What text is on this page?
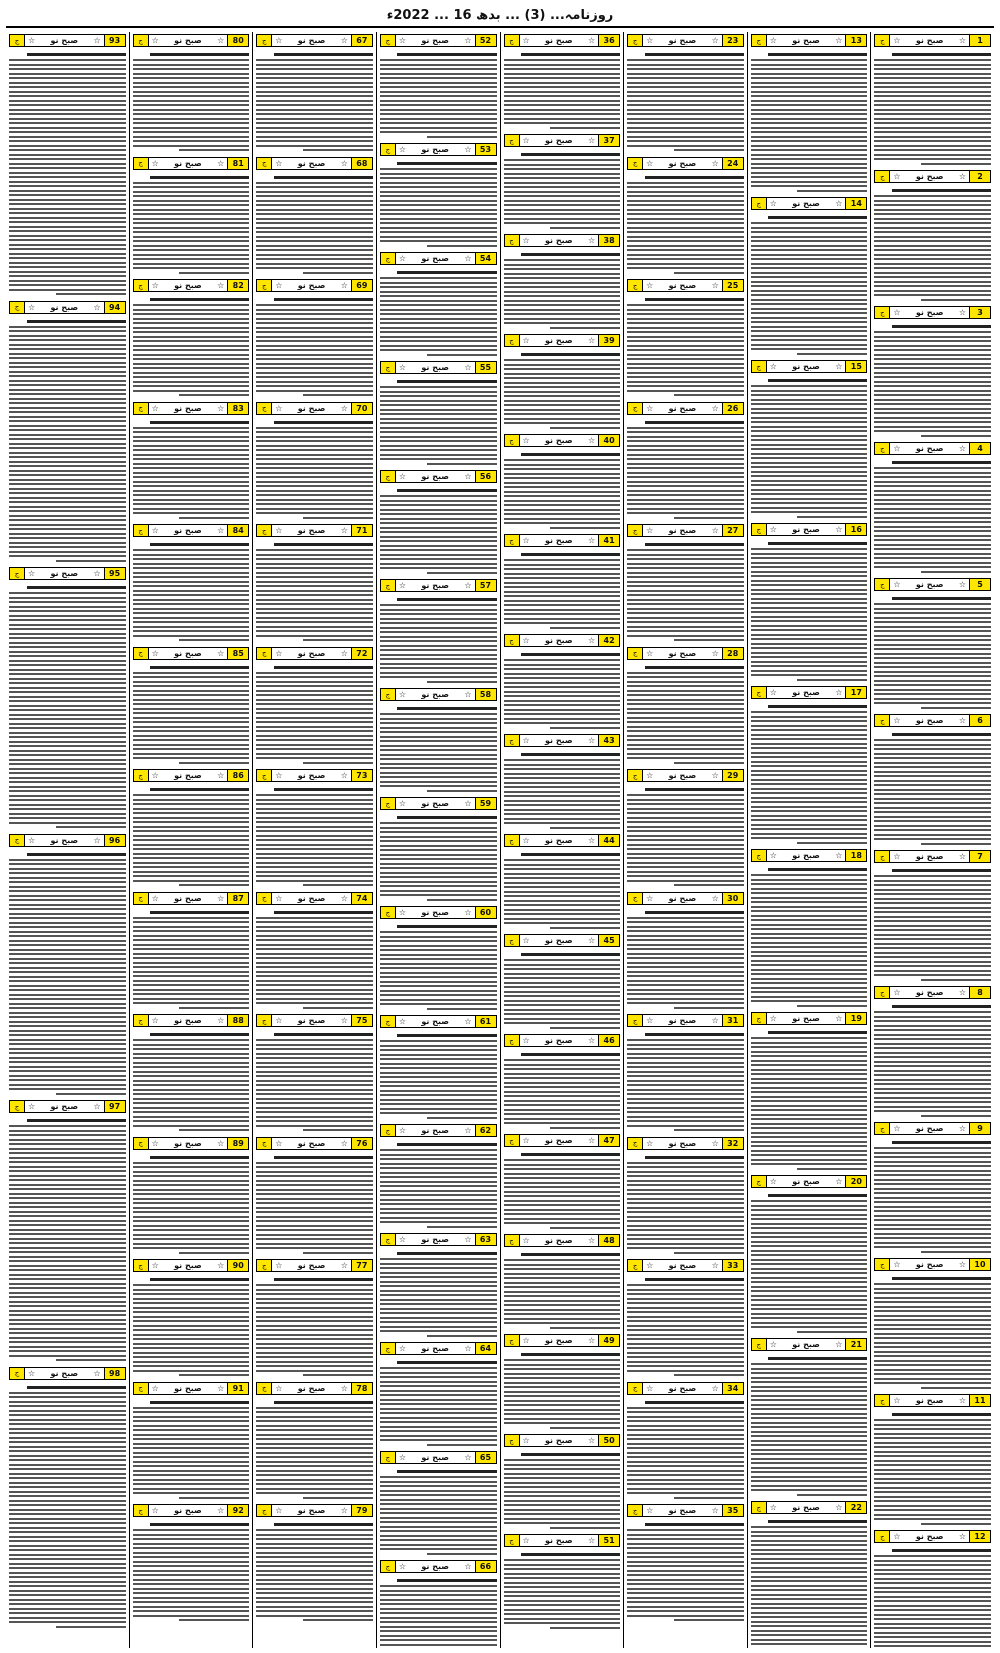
روزنامہ... (3) ... بدھ 16 ... 2022ء
1
☆
صبح نو
☆
ج
2
☆
صبح نو
☆
ج
3
☆
صبح نو
☆
ج
4
☆
صبح نو
☆
ج
5
☆
صبح نو
☆
ج
6
☆
صبح نو
☆
ج
7
☆
صبح نو
☆
ج
8
☆
صبح نو
☆
ج
9
☆
صبح نو
☆
ج
10
☆
صبح نو
☆
ج
11
☆
صبح نو
☆
ج
12
☆
صبح نو
☆
ج
13
☆
صبح نو
☆
ج
14
☆
صبح نو
☆
ج
15
☆
صبح نو
☆
ج
16
☆
صبح نو
☆
ج
17
☆
صبح نو
☆
ج
18
☆
صبح نو
☆
ج
19
☆
صبح نو
☆
ج
20
☆
صبح نو
☆
ج
21
☆
صبح نو
☆
ج
22
☆
صبح نو
☆
ج
23
☆
صبح نو
☆
ج
24
☆
صبح نو
☆
ج
25
☆
صبح نو
☆
ج
26
☆
صبح نو
☆
ج
27
☆
صبح نو
☆
ج
28
☆
صبح نو
☆
ج
29
☆
صبح نو
☆
ج
30
☆
صبح نو
☆
ج
31
☆
صبح نو
☆
ج
32
☆
صبح نو
☆
ج
33
☆
صبح نو
☆
ج
34
☆
صبح نو
☆
ج
35
☆
صبح نو
☆
ج
36
☆
صبح نو
☆
ج
37
☆
صبح نو
☆
ج
38
☆
صبح نو
☆
ج
39
☆
صبح نو
☆
ج
40
☆
صبح نو
☆
ج
41
☆
صبح نو
☆
ج
42
☆
صبح نو
☆
ج
43
☆
صبح نو
☆
ج
44
☆
صبح نو
☆
ج
45
☆
صبح نو
☆
ج
46
☆
صبح نو
☆
ج
47
☆
صبح نو
☆
ج
48
☆
صبح نو
☆
ج
49
☆
صبح نو
☆
ج
50
☆
صبح نو
☆
ج
51
☆
صبح نو
☆
ج
52
☆
صبح نو
☆
ج
53
☆
صبح نو
☆
ج
54
☆
صبح نو
☆
ج
55
☆
صبح نو
☆
ج
56
☆
صبح نو
☆
ج
57
☆
صبح نو
☆
ج
58
☆
صبح نو
☆
ج
59
☆
صبح نو
☆
ج
60
☆
صبح نو
☆
ج
61
☆
صبح نو
☆
ج
62
☆
صبح نو
☆
ج
63
☆
صبح نو
☆
ج
64
☆
صبح نو
☆
ج
65
☆
صبح نو
☆
ج
66
☆
صبح نو
☆
ج
67
☆
صبح نو
☆
ج
68
☆
صبح نو
☆
ج
69
☆
صبح نو
☆
ج
70
☆
صبح نو
☆
ج
71
☆
صبح نو
☆
ج
72
☆
صبح نو
☆
ج
73
☆
صبح نو
☆
ج
74
☆
صبح نو
☆
ج
75
☆
صبح نو
☆
ج
76
☆
صبح نو
☆
ج
77
☆
صبح نو
☆
ج
78
☆
صبح نو
☆
ج
79
☆
صبح نو
☆
ج
80
☆
صبح نو
☆
ج
81
☆
صبح نو
☆
ج
82
☆
صبح نو
☆
ج
83
☆
صبح نو
☆
ج
84
☆
صبح نو
☆
ج
85
☆
صبح نو
☆
ج
86
☆
صبح نو
☆
ج
87
☆
صبح نو
☆
ج
88
☆
صبح نو
☆
ج
89
☆
صبح نو
☆
ج
90
☆
صبح نو
☆
ج
91
☆
صبح نو
☆
ج
92
☆
صبح نو
☆
ج
93
☆
صبح نو
☆
ج
94
☆
صبح نو
☆
ج
95
☆
صبح نو
☆
ج
96
☆
صبح نو
☆
ج
97
☆
صبح نو
☆
ج
98
☆
صبح نو
☆
ج
